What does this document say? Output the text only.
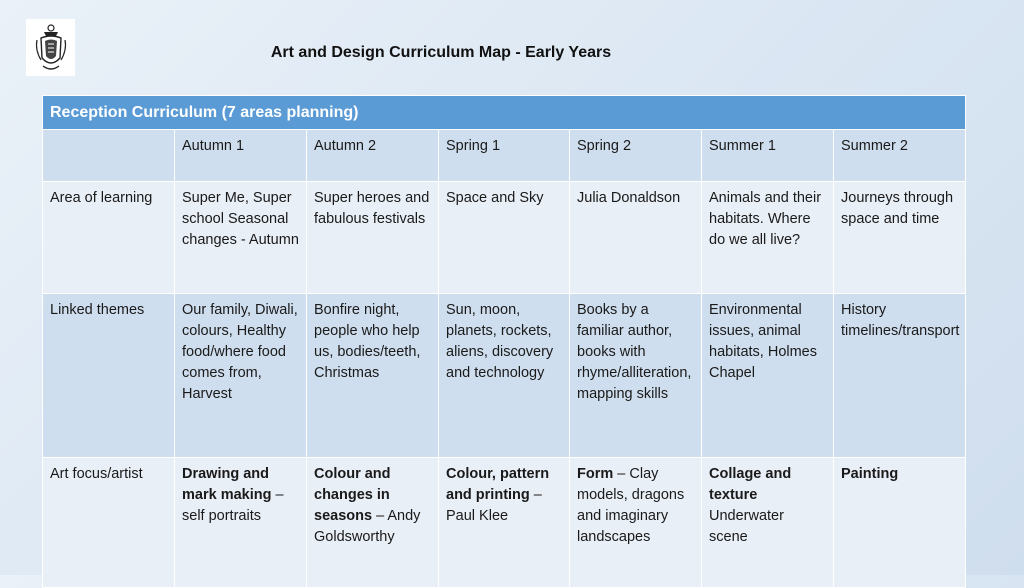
Art and Design Curriculum Map - Early Years
Reception Curriculum (7 areas planning)						
	Autumn 1	Autumn 2	Spring 1	Spring 2	Summer 1	Summer 2
Area of learning	Super Me, Super school Seasonal changes - Autumn	Super heroes and fabulous festivals	Space and Sky	Julia Donaldson	Animals and their habitats. Where do we all live?	Journeys through space and time
Linked themes	Our family, Diwali, colours, Healthy food/where food comes from, Harvest	Bonfire night, people who help us, bodies/teeth, Christmas	Sun, moon, planets, rockets, aliens, discovery and technology	Books by a familiar author, books with rhyme/alliteration, mapping skills	Environmental issues, animal habitats, Holmes Chapel	History timelines/transport
Art focus/artist	Drawing and mark making – self portraits	Colour and changes in seasons – Andy Goldsworthy	Colour, pattern and printing – Paul Klee	Form – Clay models, dragons and imaginary landscapes	Collage and texture Underwater scene	Painting
